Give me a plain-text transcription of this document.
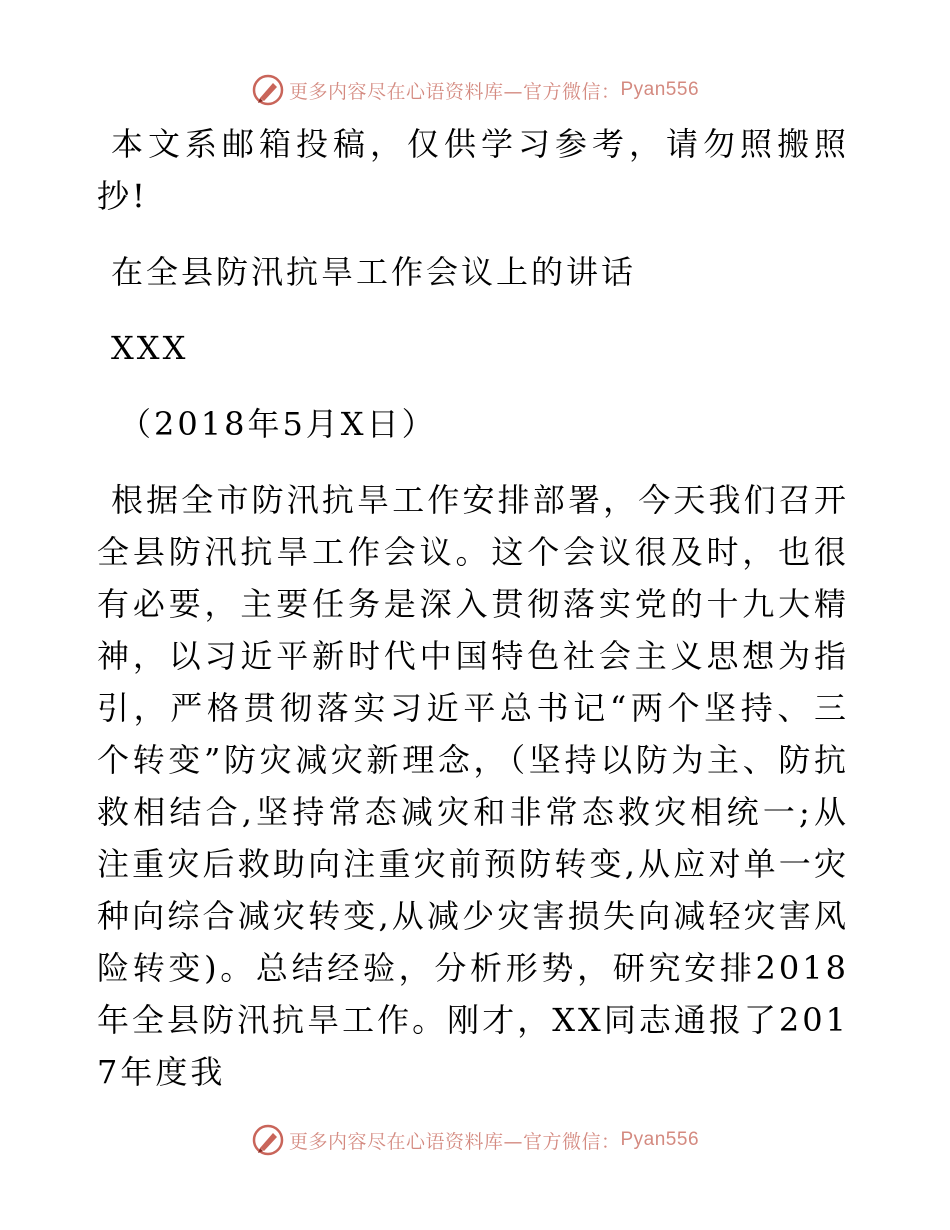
更多内容尽在心语资料库—官方微信： Pyan556

本文系邮箱投稿，仅供学习参考，请勿照搬照抄!

在全县防汛抗旱工作会议上的讲话

XXX

（2018年5月X日）

根据全市防汛抗旱工作安排部署，今天我们召开全县防汛抗旱工作会议。这个会议很及时，也很有必要，主要任务是深入贯彻落实党的十九大精神，以习近平新时代中国特色社会主义思想为指引，严格贯彻落实习近平总书记“两个坚持、三个转变”防灾减灾新理念，（坚持以防为主、防抗救相结合,坚持常态减灾和非常态救灾相统一;从注重灾后救助向注重灾前预防转变,从应对单一灾种向综合减灾转变,从减少灾害损失向减轻灾害风险转变)。总结经验，分析形势，研究安排2018年全县防汛抗旱工作。刚才，XX同志通报了2017年度我

更多内容尽在心语资料库—官方微信： Pyan556
